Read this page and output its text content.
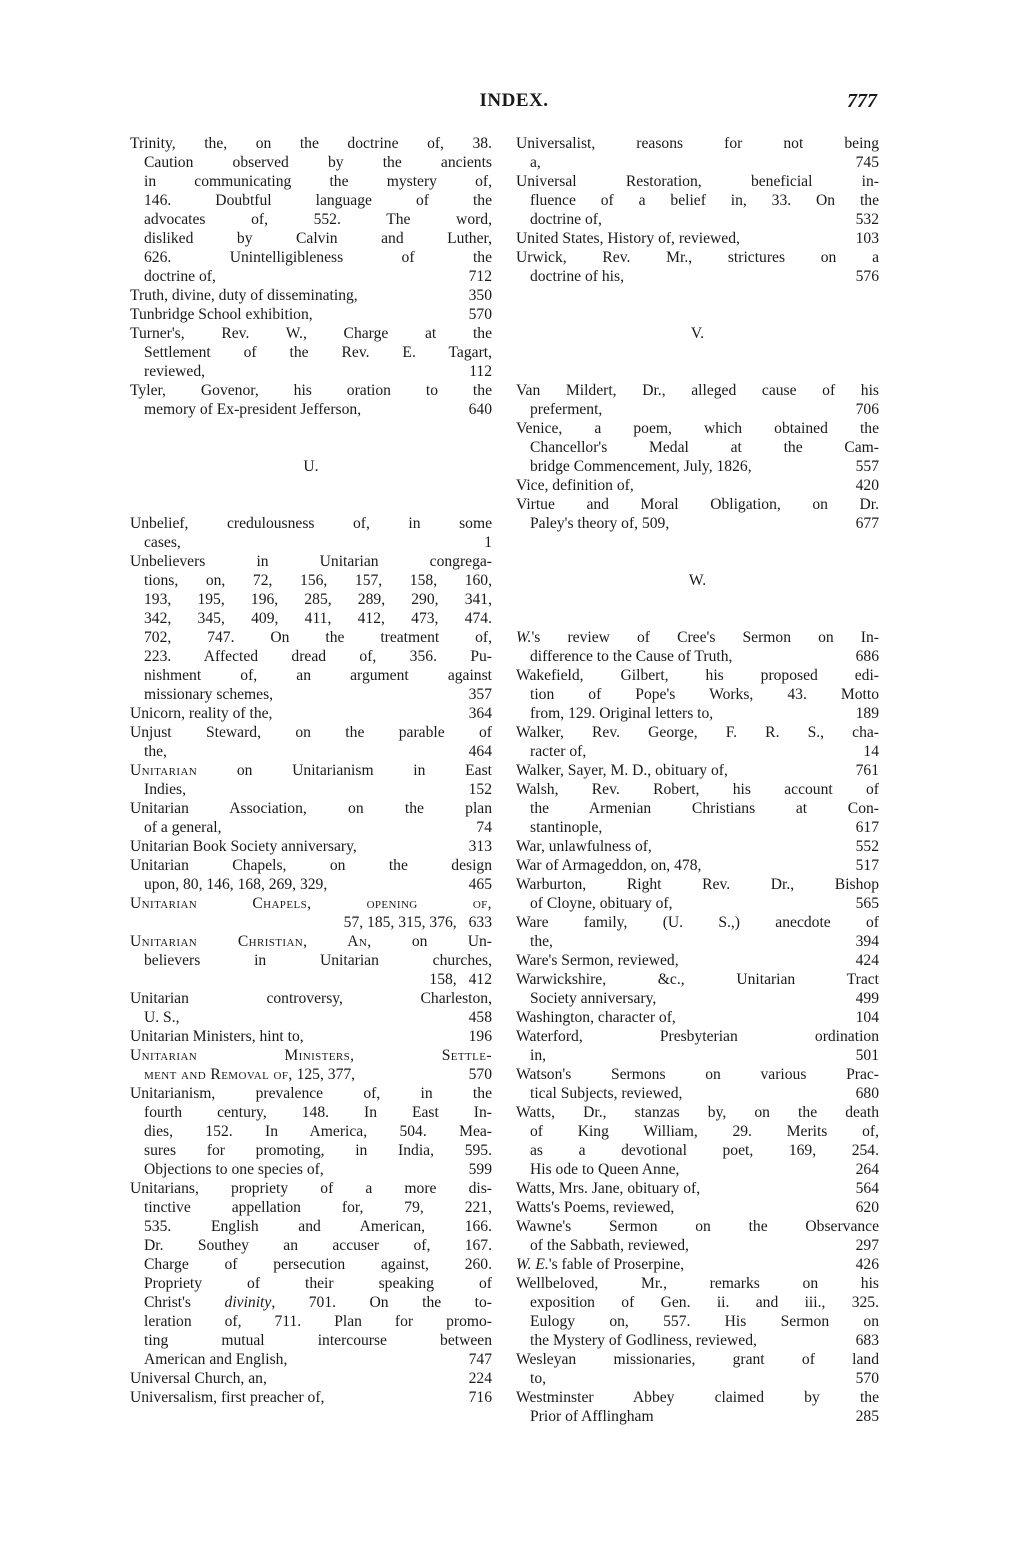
INDEX.	777
Trinity, the, on the doctrine of, 38.
Caution observed by the ancients
in communicating the mystery of,
146. Doubtful language of the
advocates of, 552. The word,
disliked by Calvin and Luther,
626. Unintelligibleness of the
712
doctrine of,
350
Truth, divine, duty of disseminating,
570
Tunbridge School exhibition,
Turner's, Rev. W., Charge at the
Settlement of the Rev. E. Tagart,
112
reviewed,
Tyler, Govenor, his oration to the
640
memory of Ex-president Jefferson,
U.
Unbelief, credulousness of, in some
1
cases,
Unbelievers in Unitarian congrega-
tions, on, 72, 156, 157, 158, 160,
193, 195, 196, 285, 289, 290, 341,
342, 345, 409, 411, 412, 473, 474.
702, 747. On the treatment of,
223. Affected dread of, 356. Pu-
nishment of, an argument against
357
missionary schemes,
364
Unicorn, reality of the,
Unjust Steward, on the parable of
464
the,
Unitarian on Unitarianism in East
152
Indies,
Unitarian Association, on the plan
74
of a general,
313
Unitarian Book Society anniversary,
Unitarian Chapels, on the design
465
upon, 80, 146, 168, 269, 329,
Unitarian Chapels, opening of,
57, 185, 315, 376, 633
Unitarian Christian, An, on Un-
believers in Unitarian churches,
158, 412
Unitarian controversy, Charleston,
458
U. S.,
196
Unitarian Ministers, hint to,
Unitarian Ministers, Settle-
570
ment and Removal of, 125, 377,
Unitarianism, prevalence of, in the
fourth century, 148. In East In-
dies, 152. In America, 504. Mea-
sures for promoting, in India, 595.
599
Objections to one species of,
Unitarians, propriety of a more dis-
tinctive appellation for, 79, 221,
535. English and American, 166.
Dr. Southey an accuser of, 167.
Charge of persecution against, 260.
Propriety of their speaking of
Christ's divinity, 701. On the to-
leration of, 711. Plan for promo-
ting mutual intercourse between
747
American and English,
224
Universal Church, an,
716
Universalism, first preacher of,
Universalist, reasons for not being
745
a,
Universal Restoration, beneficial in-
fluence of a belief in, 33. On the
532
doctrine of,
103
United States, History of, reviewed,
Urwick, Rev. Mr., strictures on a
576
doctrine of his,
V.
Van Mildert, Dr., alleged cause of his
706
preferment,
Venice, a poem, which obtained the
Chancellor's Medal at the Cam-
557
bridge Commencement, July, 1826,
420
Vice, definition of,
Virtue and Moral Obligation, on Dr.
677
Paley's theory of, 509,
W.
W.'s review of Cree's Sermon on In-
686
difference to the Cause of Truth,
Wakefield, Gilbert, his proposed edi-
tion of Pope's Works, 43. Motto
189
from, 129. Original letters to,
Walker, Rev. George, F. R. S., cha-
14
racter of,
761
Walker, Sayer, M. D., obituary of,
Walsh, Rev. Robert, his account of
the Armenian Christians at Con-
617
stantinople,
552
War, unlawfulness of,
517
War of Armageddon, on, 478,
Warburton, Right Rev. Dr., Bishop
565
of Cloyne, obituary of,
Ware family, (U. S.,) anecdote of
394
the,
424
Ware's Sermon, reviewed,
Warwickshire, &c., Unitarian Tract
499
Society anniversary,
104
Washington, character of,
Waterford, Presbyterian ordination
501
in,
Watson's Sermons on various Prac-
680
tical Subjects, reviewed,
Watts, Dr., stanzas by, on the death
of King William, 29. Merits of,
as a devotional poet, 169, 254.
264
His ode to Queen Anne,
564
Watts, Mrs. Jane, obituary of,
620
Watts's Poems, reviewed,
Wawne's Sermon on the Observance
297
of the Sabbath, reviewed,
426
W. E.'s fable of Proserpine,
Wellbeloved, Mr., remarks on his
exposition of Gen. ii. and iii., 325.
Eulogy on, 557. His Sermon on
683
the Mystery of Godliness, reviewed,
Wesleyan missionaries, grant of land
570
to,
Westminster Abbey claimed by the
285
Prior of Afflingham
